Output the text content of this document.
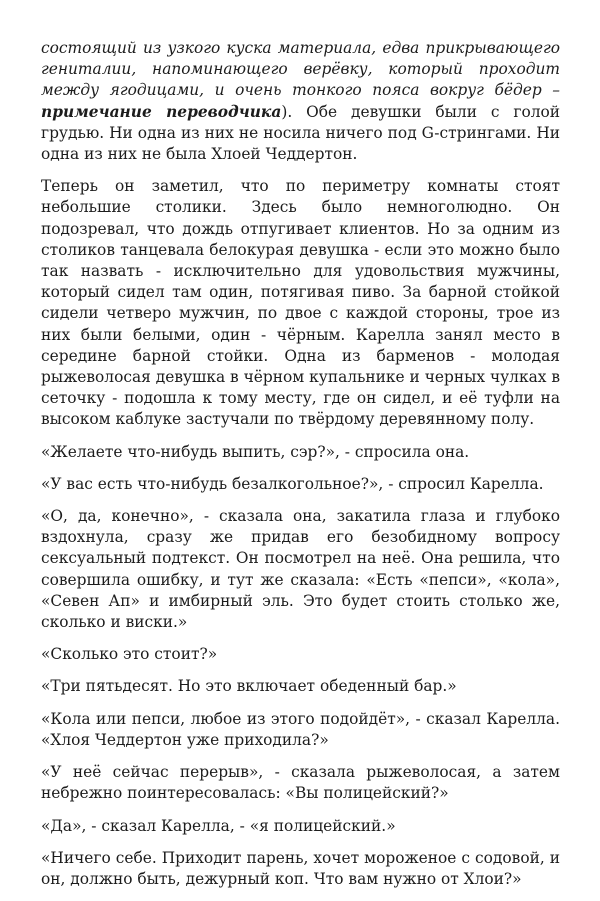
состоящий из узкого куска материала, едва прикрывающего гениталии, напоминающего верёвку, который проходит между ягодицами, и очень тонкого пояса вокруг бёдер – примечание переводчика). Обе девушки были с голой грудью. Ни одна из них не носила ничего под G-стрингами. Ни одна из них не была Хлоей Чеддертон.

Теперь он заметил, что по периметру комнаты стоят небольшие столики. Здесь было немноголюдно. Он подозревал, что дождь отпугивает клиентов. Но за одним из столиков танцевала белокурая девушка - если это можно было так назвать - исключительно для удовольствия мужчины, который сидел там один, потягивая пиво. За барной стойкой сидели четверо мужчин, по двое с каждой стороны, трое из них были белыми, один - чёрным. Карелла занял место в середине барной стойки. Одна из барменов - молодая рыжеволосая девушка в чёрном купальнике и черных чулках в сеточку - подошла к тому месту, где он сидел, и её туфли на высоком каблуке застучали по твёрдому деревянному полу.

«Желаете что-нибудь выпить, сэр?», - спросила она.

«У вас есть что-нибудь безалкогольное?», - спросил Карелла.

«О, да, конечно», - сказала она, закатила глаза и глубоко вздохнула, сразу же придав его безобидному вопросу сексуальный подтекст. Он посмотрел на неё. Она решила, что совершила ошибку, и тут же сказала: «Есть «пепси», «кола», «Севен Ап» и имбирный эль. Это будет стоить столько же, сколько и виски.»

«Сколько это стоит?»

«Три пятьдесят. Но это включает обеденный бар.»

«Кола или пепси, любое из этого подойдёт», - сказал Карелла. «Хлоя Чеддертон уже приходила?»

«У неё сейчас перерыв», - сказала рыжеволосая, а затем небрежно поинтересовалась: «Вы полицейский?»

«Да», - сказал Карелла, - «я полицейский.»

«Ничего себе. Приходит парень, хочет мороженое с содовой, и он, должно быть, дежурный коп. Что вам нужно от Хлои?»
